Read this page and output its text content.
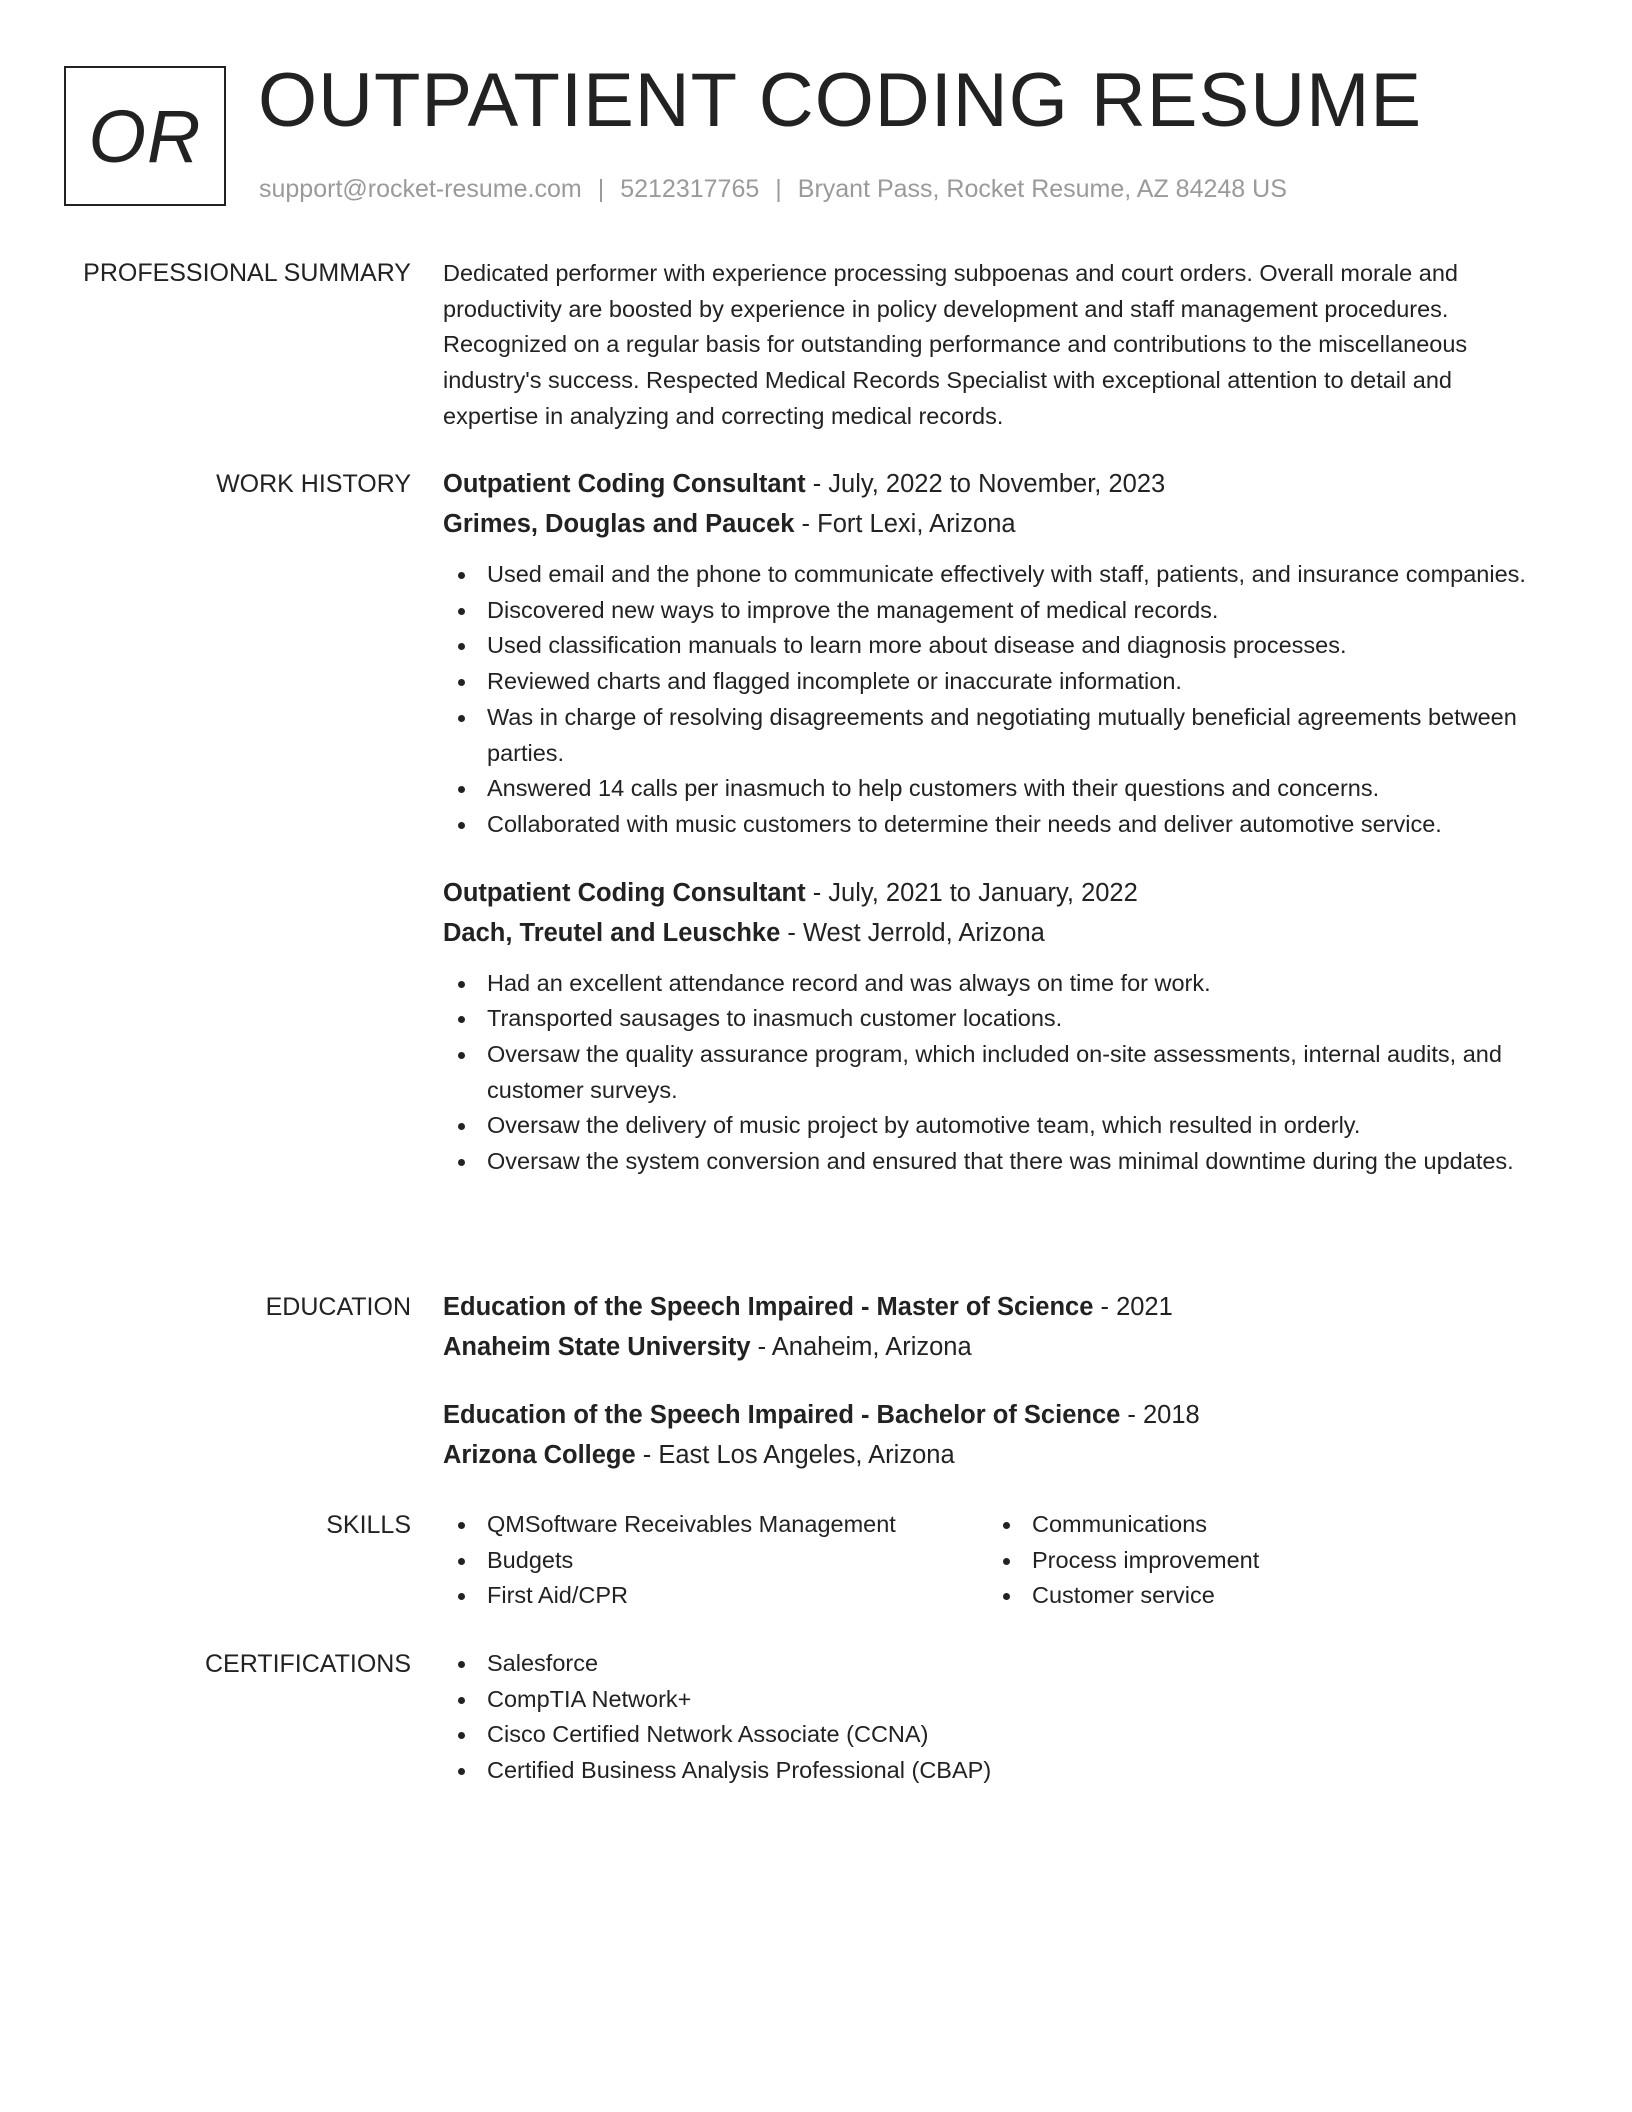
OR OUTPATIENT CODING RESUME
support@rocket-resume.com | 5212317765 | Bryant Pass, Rocket Resume, AZ 84248 US
PROFESSIONAL SUMMARY Dedicated performer with experience processing subpoenas and court orders. Overall morale and
productivity are boosted by experience in policy development and staff management procedures.
Recognized on a regular basis for outstanding performance and contributions to the miscellaneous
industry's success. Respected Medical Records Specialist with exceptional attention to detail and
expertise in analyzing and correcting medical records.
WORK HISTORY Outpatient Coding Consultant - July, 2022 to November, 2023
Grimes, Douglas and Paucek - Fort Lexi, Arizona
Used email and the phone to communicate effectively with staff, patients, and insurance companies.
Discovered new ways to improve the management of medical records.
Used classification manuals to learn more about disease and diagnosis processes.
Reviewed charts and flagged incomplete or inaccurate information.
Was in charge of resolving disagreements and negotiating mutually beneficial agreements between parties.
Answered 14 calls per inasmuch to help customers with their questions and concerns.
Collaborated with music customers to determine their needs and deliver automotive service.
Outpatient Coding Consultant - July, 2021 to January, 2022
Dach, Treutel and Leuschke - West Jerrold, Arizona
Had an excellent attendance record and was always on time for work.
Transported sausages to inasmuch customer locations.
Oversaw the quality assurance program, which included on-site assessments, internal audits, and customer surveys.
Oversaw the delivery of music project by automotive team, which resulted in orderly.
Oversaw the system conversion and ensured that there was minimal downtime during the updates.
EDUCATION Education of the Speech Impaired - Master of Science - 2021
Anaheim State University - Anaheim, Arizona
Education of the Speech Impaired - Bachelor of Science - 2018
Arizona College - East Los Angeles, Arizona
SKILLS	QMSoftware Receivables Management
Budgets
First Aid/CPR
Communications
Process improvement
Customer service
CERTIFICATIONS	Salesforce
CompTIA Network+
Cisco Certified Network Associate (CCNA)
Certified Business Analysis Professional (CBAP)
